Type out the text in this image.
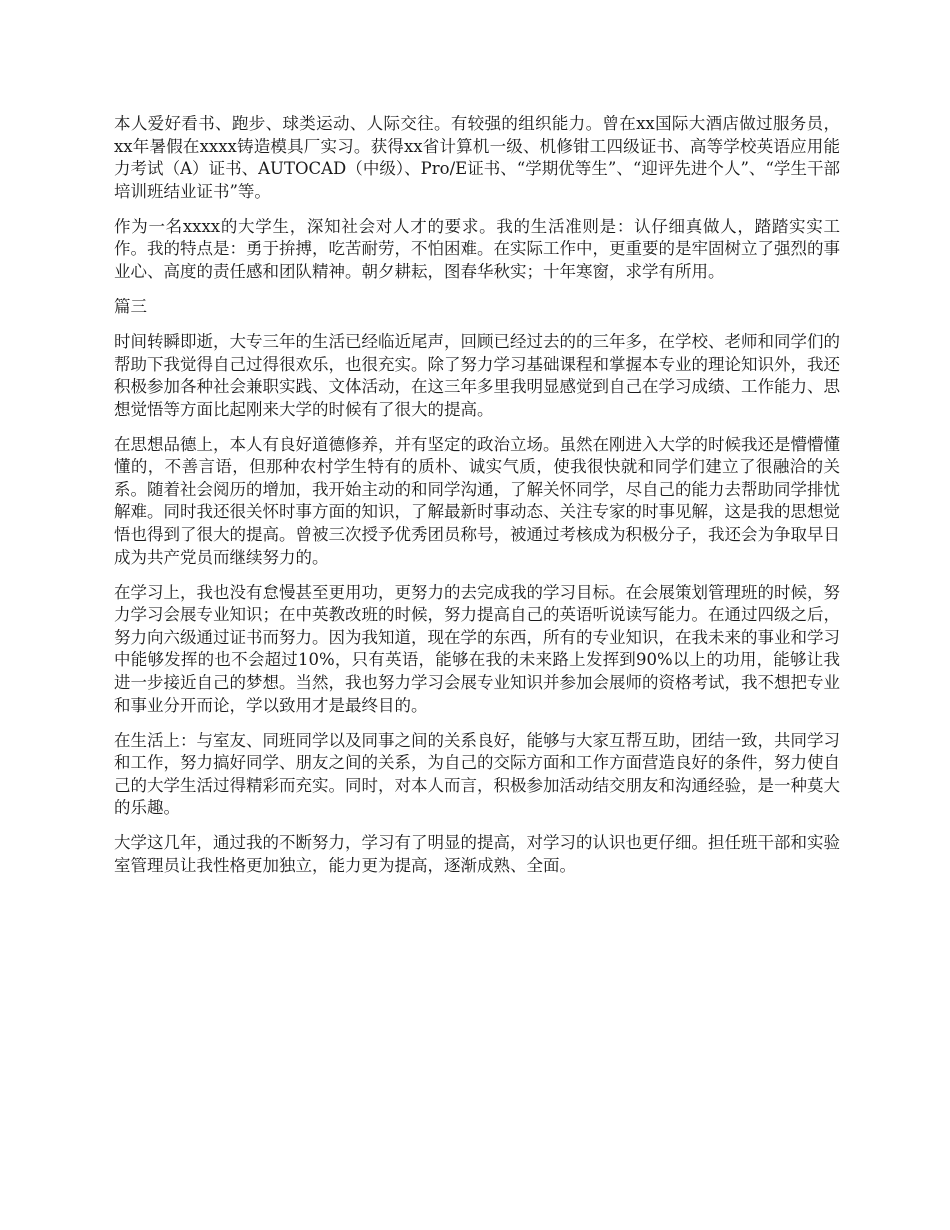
本人爱好看书、跑步、球类运动、人际交往。有较强的组织能力。曾在xx国际大酒店做过服务员，xx年暑假在xxxx铸造模具厂实习。获得xx省计算机一级、机修钳工四级证书、高等学校英语应用能力考试（A）证书、AUTOCAD（中级）、Pro/E证书、“学期优等生”、“迎评先进个人”、“学生干部培训班结业证书”等。

作为一名xxxx的大学生，深知社会对人才的要求。我的生活准则是：认仔细真做人，踏踏实实工作。我的特点是：勇于拚搏，吃苦耐劳，不怕困难。在实际工作中，更重要的是牢固树立了强烈的事业心、高度的责任感和团队精神。朝夕耕耘，图春华秋实；十年寒窗，求学有所用。

篇三

时间转瞬即逝，大专三年的生活已经临近尾声，回顾已经过去的的三年多，在学校、老师和同学们的帮助下我觉得自己过得很欢乐，也很充实。除了努力学习基础课程和掌握本专业的理论知识外，我还积极参加各种社会兼职实践、文体活动，在这三年多里我明显感觉到自己在学习成绩、工作能力、思想觉悟等方面比起刚来大学的时候有了很大的提高。

在思想品德上，本人有良好道德修养，并有坚定的政治立场。虽然在刚进入大学的时候我还是懵懵懂懂的，不善言语，但那种农村学生特有的质朴、诚实气质，使我很快就和同学们建立了很融洽的关系。随着社会阅历的增加，我开始主动的和同学沟通，了解关怀同学，尽自己的能力去帮助同学排忧解难。同时我还很关怀时事方面的知识，了解最新时事动态、关注专家的时事见解，这是我的思想觉悟也得到了很大的提高。曾被三次授予优秀团员称号，被通过考核成为积极分子，我还会为争取早日成为共产党员而继续努力的。

在学习上，我也没有怠慢甚至更用功，更努力的去完成我的学习目标。在会展策划管理班的时候，努力学习会展专业知识；在中英教改班的时候，努力提高自己的英语听说读写能力。在通过四级之后，努力向六级通过证书而努力。因为我知道，现在学的东西，所有的专业知识，在我未来的事业和学习中能够发挥的也不会超过10%，只有英语，能够在我的未来路上发挥到90%以上的功用，能够让我进一步接近自己的梦想。当然，我也努力学习会展专业知识并参加会展师的资格考试，我不想把专业和事业分开而论，学以致用才是最终目的。

在生活上：与室友、同班同学以及同事之间的关系良好，能够与大家互帮互助，团结一致，共同学习和工作，努力搞好同学、朋友之间的关系，为自己的交际方面和工作方面营造良好的条件，努力使自己的大学生活过得精彩而充实。同时，对本人而言，积极参加活动结交朋友和沟通经验，是一种莫大的乐趣。

大学这几年，通过我的不断努力，学习有了明显的提高，对学习的认识也更仔细。担任班干部和实验室管理员让我性格更加独立，能力更为提高，逐渐成熟、全面。
